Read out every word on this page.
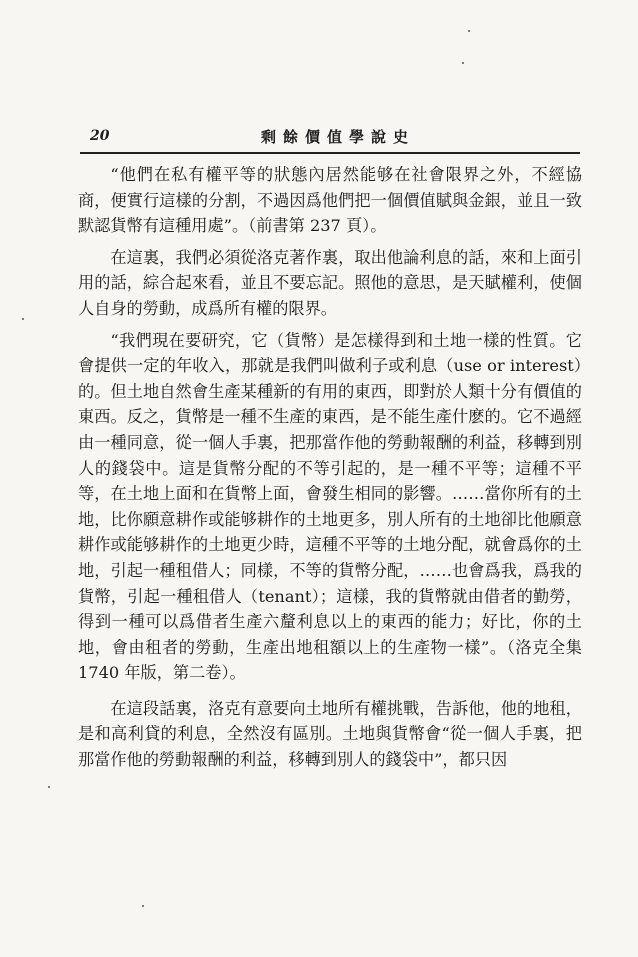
20	剩餘價值學說史

“他們在私有權平等的狀態內居然能够在社會限界之外，不經協商，便實行這樣的分割，不過因爲他們把一個價值賦與金銀，並且一致默認貨幣有這種用處”。（前書第 237 頁）。

在這裏，我們必須從洛克著作裏，取出他論利息的話，來和上面引用的話，綜合起來看，並且不要忘記。照他的意思，是天賦權利，使個人自身的勞動，成爲所有權的限界。

“我們現在要研究，它（貨幣）是怎樣得到和土地一樣的性質。它會提供一定的年收入，那就是我們叫做利子或利息（use or interest）的。但土地自然會生產某種新的有用的東西，即對於人類十分有價值的東西。反之，貨幣是一種不生產的東西，是不能生產什麽的。它不過經由一種同意，從一個人手裏，把那當作他的勞動報酬的利益，移轉到別人的錢袋中。這是貨幣分配的不等引起的，是一種不平等；這種不平等，在土地上面和在貨幣上面，會發生相同的影響。……當你所有的土地，比你願意耕作或能够耕作的土地更多，別人所有的土地卻比他願意耕作或能够耕作的土地更少時，這種不平等的土地分配，就會爲你的土地，引起一種租借人；同樣，不等的貨幣分配，……也會爲我，爲我的貨幣，引起一種租借人（tenant）；這樣，我的貨幣就由借者的勤勞，得到一種可以爲借者生產六釐利息以上的東西的能力；好比，你的土地，會由租者的勞動，生產出地租額以上的生產物一樣”。（洛克全集 1740 年版，第二卷）。

在這段話裏，洛克有意要向土地所有權挑戰，告訴他，他的地租，是和高利貸的利息，全然沒有區別。土地與貨幣會“從一個人手裏，把那當作他的勞動報酬的利益，移轉到別人的錢袋中”，都只因
